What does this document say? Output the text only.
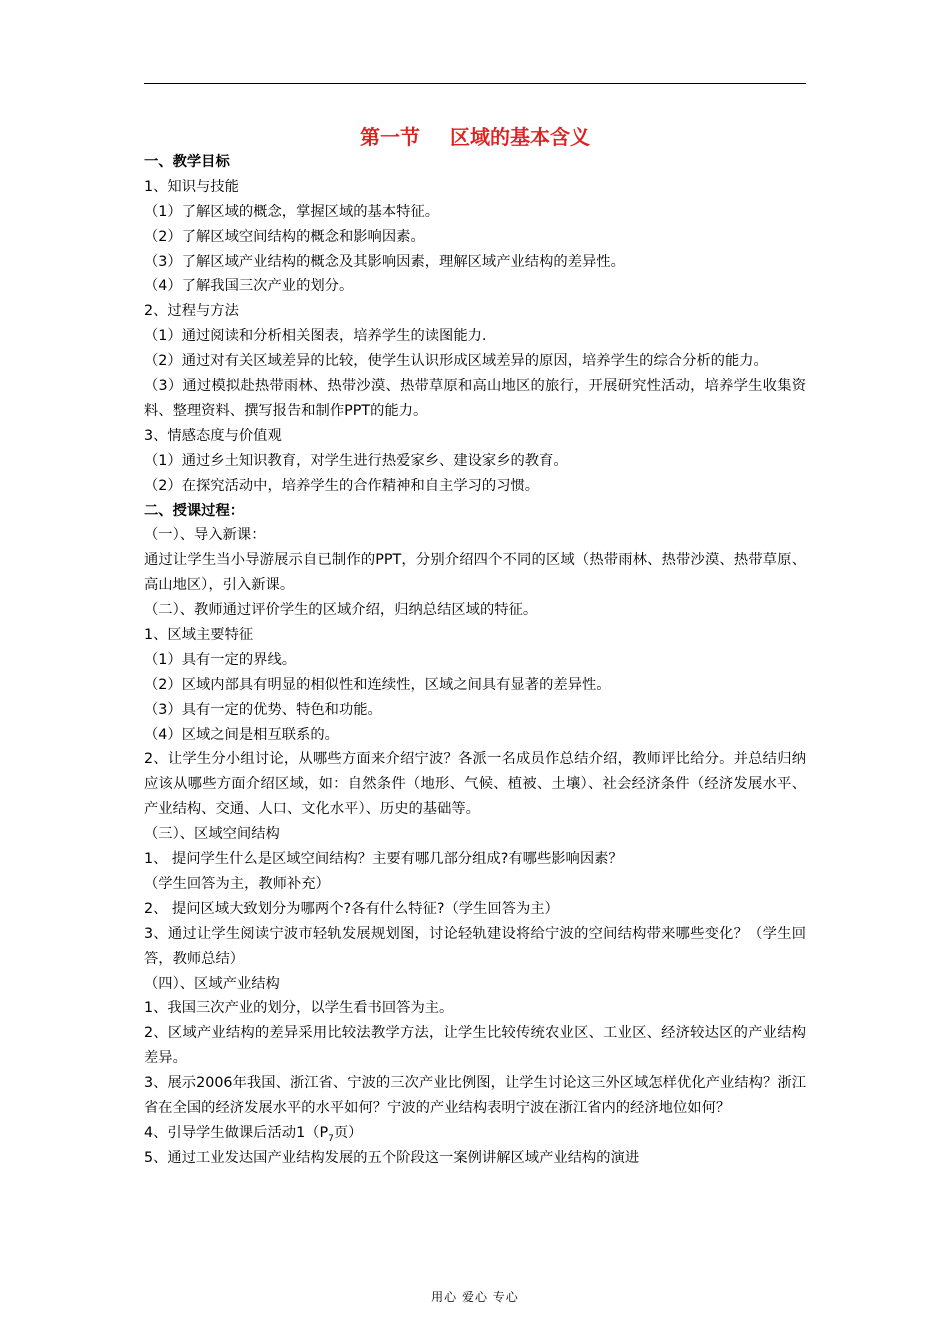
第一节 区域的基本含义
一、教学目标
1、知识与技能
（1）了解区域的概念，掌握区域的基本特征。
（2）了解区域空间结构的概念和影响因素。
（3）了解区域产业结构的概念及其影响因素，理解区域产业结构的差异性。
（4）了解我国三次产业的划分。
2、过程与方法
（1）通过阅读和分析相关图表，培养学生的读图能力.
（2）通过对有关区域差异的比较，使学生认识形成区域差异的原因，培养学生的综合分析的能力。
（3）通过模拟赴热带雨林、热带沙漠、热带草原和高山地区的旅行，开展研究性活动，培养学生收集资料、整理资料、撰写报告和制作PPT的能力。
3、情感态度与价值观
（1）通过乡土知识教育，对学生进行热爱家乡、建设家乡的教育。
（2）在探究活动中，培养学生的合作精神和自主学习的习惯。
二、授课过程：
（一）、导入新课：
通过让学生当小导游展示自已制作的PPT，分别介绍四个不同的区域（热带雨林、热带沙漠、热带草原、高山地区），引入新课。
（二）、教师通过评价学生的区域介绍，归纳总结区域的特征。
1、区域主要特征
（1）具有一定的界线。
（2）区域内部具有明显的相似性和连续性，区域之间具有显著的差异性。
（3）具有一定的优势、特色和功能。
（4）区域之间是相互联系的。
2、让学生分小组讨论，从哪些方面来介绍宁波？各派一名成员作总结介绍，教师评比给分。并总结归纳应该从哪些方面介绍区域，如：自然条件（地形、气候、植被、土壤）、社会经济条件（经济发展水平、产业结构、交通、人口、文化水平）、历史的基础等。
（三）、区域空间结构
1、 提问学生什么是区域空间结构？主要有哪几部分组成?有哪些影响因素？
（学生回答为主，教师补充）
2、 提问区域大致划分为哪两个?各有什么特征?（学生回答为主）
3、通过让学生阅读宁波市轻轨发展规划图，讨论轻轨建设将给宁波的空间结构带来哪些变化？（学生回答，教师总结）
（四）、区域产业结构
1、我国三次产业的划分，以学生看书回答为主。
2、区域产业结构的差异采用比较法教学方法，让学生比较传统农业区、工业区、经济较达区的产业结构差异。
3、展示2006年我国、浙江省、宁波的三次产业比例图，让学生讨论这三外区域怎样优化产业结构？浙江省在全国的经济发展水平的水平如何？宁波的产业结构表明宁波在浙江省内的经济地位如何？
4、引导学生做课后活动$1(P_7$页）
5、通过工业发达国产业结构发展的五个阶段这一案例讲解区域产业结构的演进
用心 爱心 专心
